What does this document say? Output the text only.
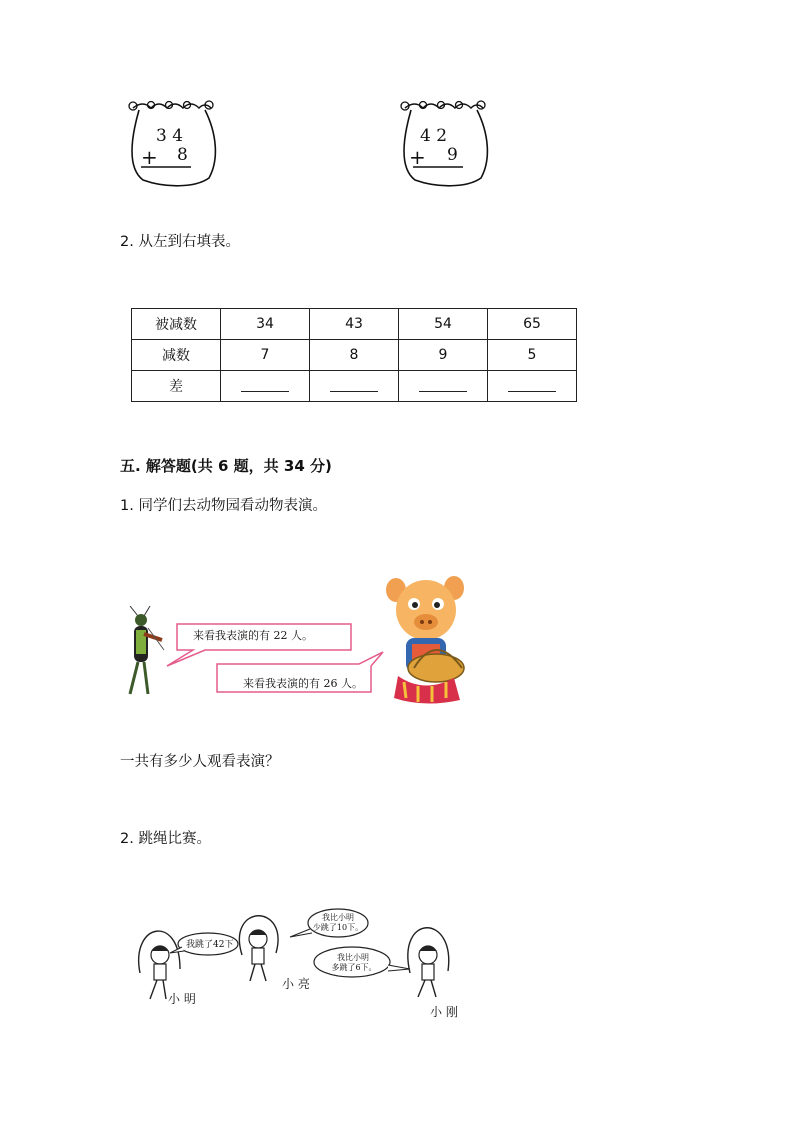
3 4
+ 8
4 2
+ 9
2. 从左到右填表。
被减数	34	43	54	65
减数	7	8	9	5
差				
五. 解答题(共 6 题，共 34 分)
1. 同学们去动物园看动物表演。
来看我表演的有 22 人。
来看我表演的有 26 人。
一共有多少人观看表演？
2. 跳绳比赛。
我跳了42下
我比小明
少跳了10下。
我比小明
多跳了6下。
小 明
小 亮
小 刚
